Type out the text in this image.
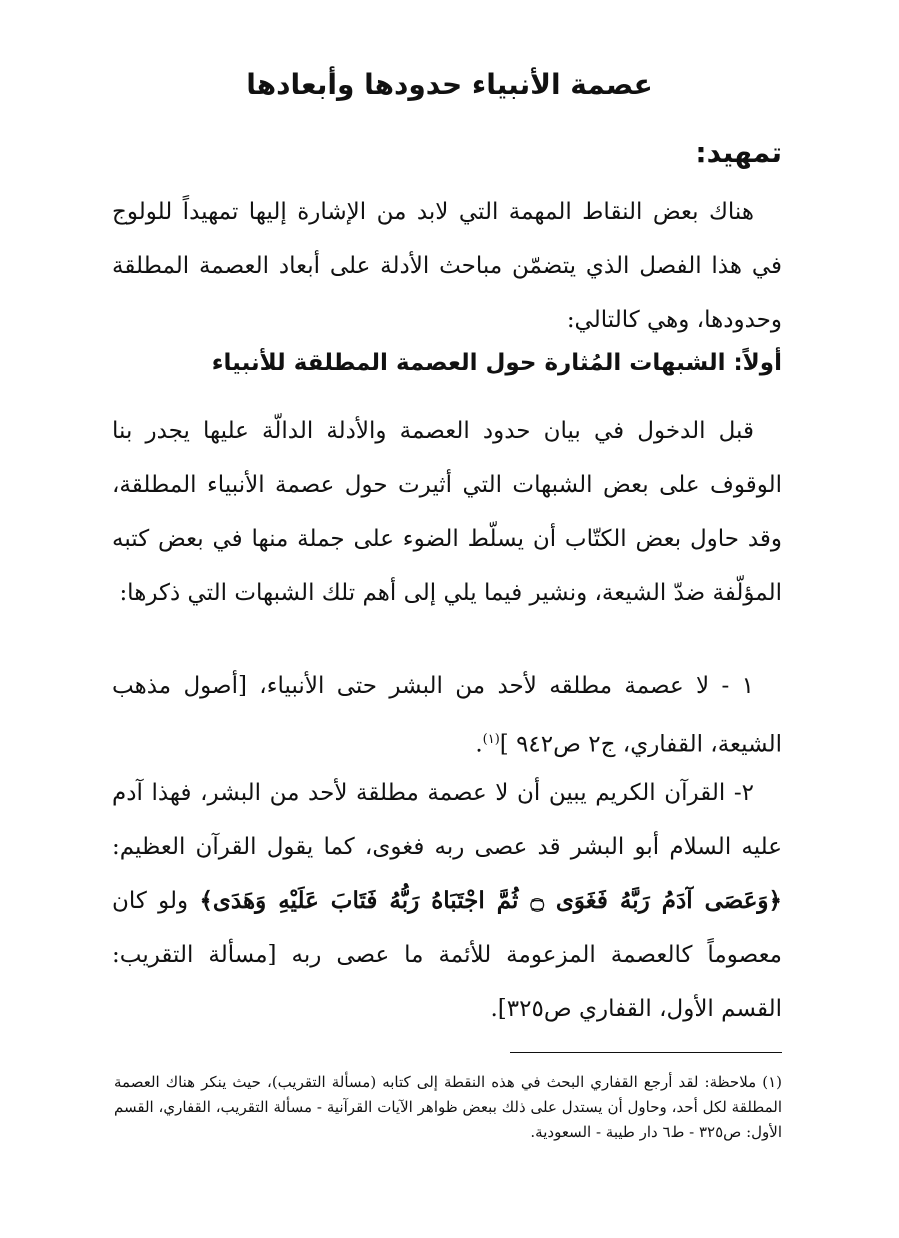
عصمة الأنبياء حدودها وأبعادها
تمهيد:
هناك بعض النقاط المهمة التي لابد من الإشارة إليها تمهيداً للولوج في هذا الفصل الذي يتضمّن مباحث الأدلة على أبعاد العصمة المطلقة وحدودها، وهي كالتالي:
أولاً: الشبهات المُثارة حول العصمة المطلقة للأنبياء
قبل الدخول في بيان حدود العصمة والأدلة الدالّة عليها يجدر بنا الوقوف على بعض الشبهات التي أثيرت حول عصمة الأنبياء المطلقة، وقد حاول بعض الكتّاب أن يسلّط الضوء على جملة منها في بعض كتبه المؤلّفة ضدّ الشيعة، ونشير فيما يلي إلى أهم تلك الشبهات التي ذكرها:
١ - لا عصمة مطلقه لأحد من البشر حتى الأنبياء، [أصول مذهب الشيعة، القفاري، ج٢ ص٩٤٢ ]$^{(١)}$.
٢- القرآن الكريم يبين أن لا عصمة مطلقة لأحد من البشر، فهذا آدم عليه السلام أبو البشر قد عصى ربه فغوى، كما يقول القرآن العظيم: ﴿وَعَصَى آدَمُ رَبَّهُ فَغَوَى ۝ ثُمَّ اجْتَبَاهُ رَبُّهُ فَتَابَ عَلَيْهِ وَهَدَى﴾ ولو كان معصوماً كالعصمة المزعومة للأئمة ما عصى ربه [مسألة التقريب: القسم الأول، القفاري ص٣٢٥].
(١) ملاحظة: لقد أرجع القفاري البحث في هذه النقطة إلى كتابه (مسألة التقريب)، حيث ينكر هناك العصمة المطلقة لكل أحد، وحاول أن يستدل على ذلك ببعض ظواهر الآيات القرآنية - مسألة التقريب، القفاري، القسم الأول: ص٣٢٥ - ط٦ دار طيبة - السعودية.
